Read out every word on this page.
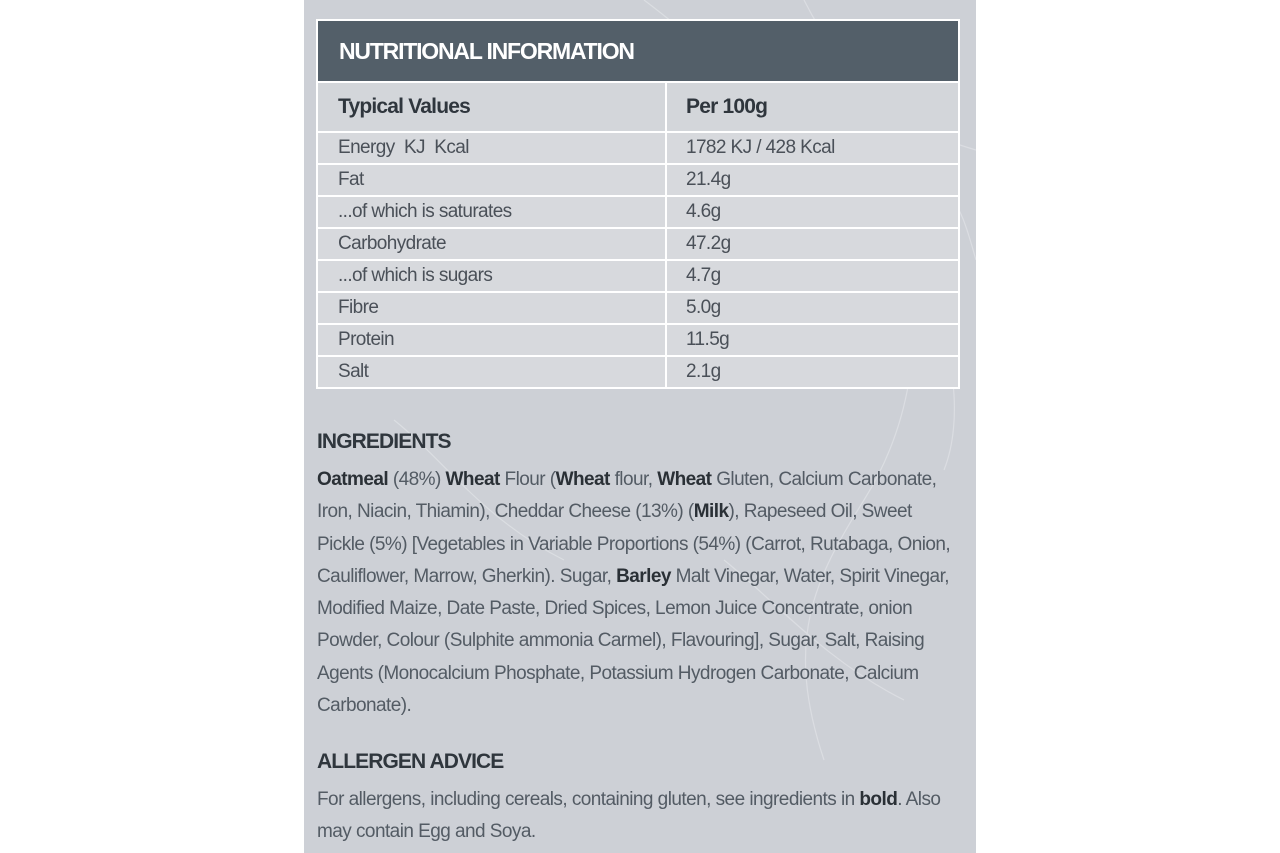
NUTRITIONAL INFORMATION	
Typical Values	Per 100g
Energy  KJ  Kcal	1782 KJ / 428 Kcal
Fat	21.4g
...of which is saturates	4.6g
Carbohydrate	47.2g
...of which is sugars	4.7g
Fibre	5.0g
Protein	11.5g
Salt	2.1g
INGREDIENTS

Oatmeal (48%) Wheat Flour (Wheat flour, Wheat Gluten, Calcium Carbonate, Iron, Niacin, Thiamin), Cheddar Cheese (13%) (Milk), Rapeseed Oil, Sweet Pickle (5%) [Vegetables in Variable Proportions (54%) (Carrot, Rutabaga, Onion, Cauliflower, Marrow, Gherkin). Sugar, Barley Malt Vinegar, Water, Spirit Vinegar, Modified Maize, Date Paste, Dried Spices, Lemon Juice Concentrate, onion Powder, Colour (Sulphite ammonia Carmel), Flavouring], Sugar, Salt, Raising Agents (Monocalcium Phosphate, Potassium Hydrogen Carbonate, Calcium Carbonate).

ALLERGEN ADVICE

For allergens, including cereals, containing gluten, see ingredients in bold. Also may contain Egg and Soya.
